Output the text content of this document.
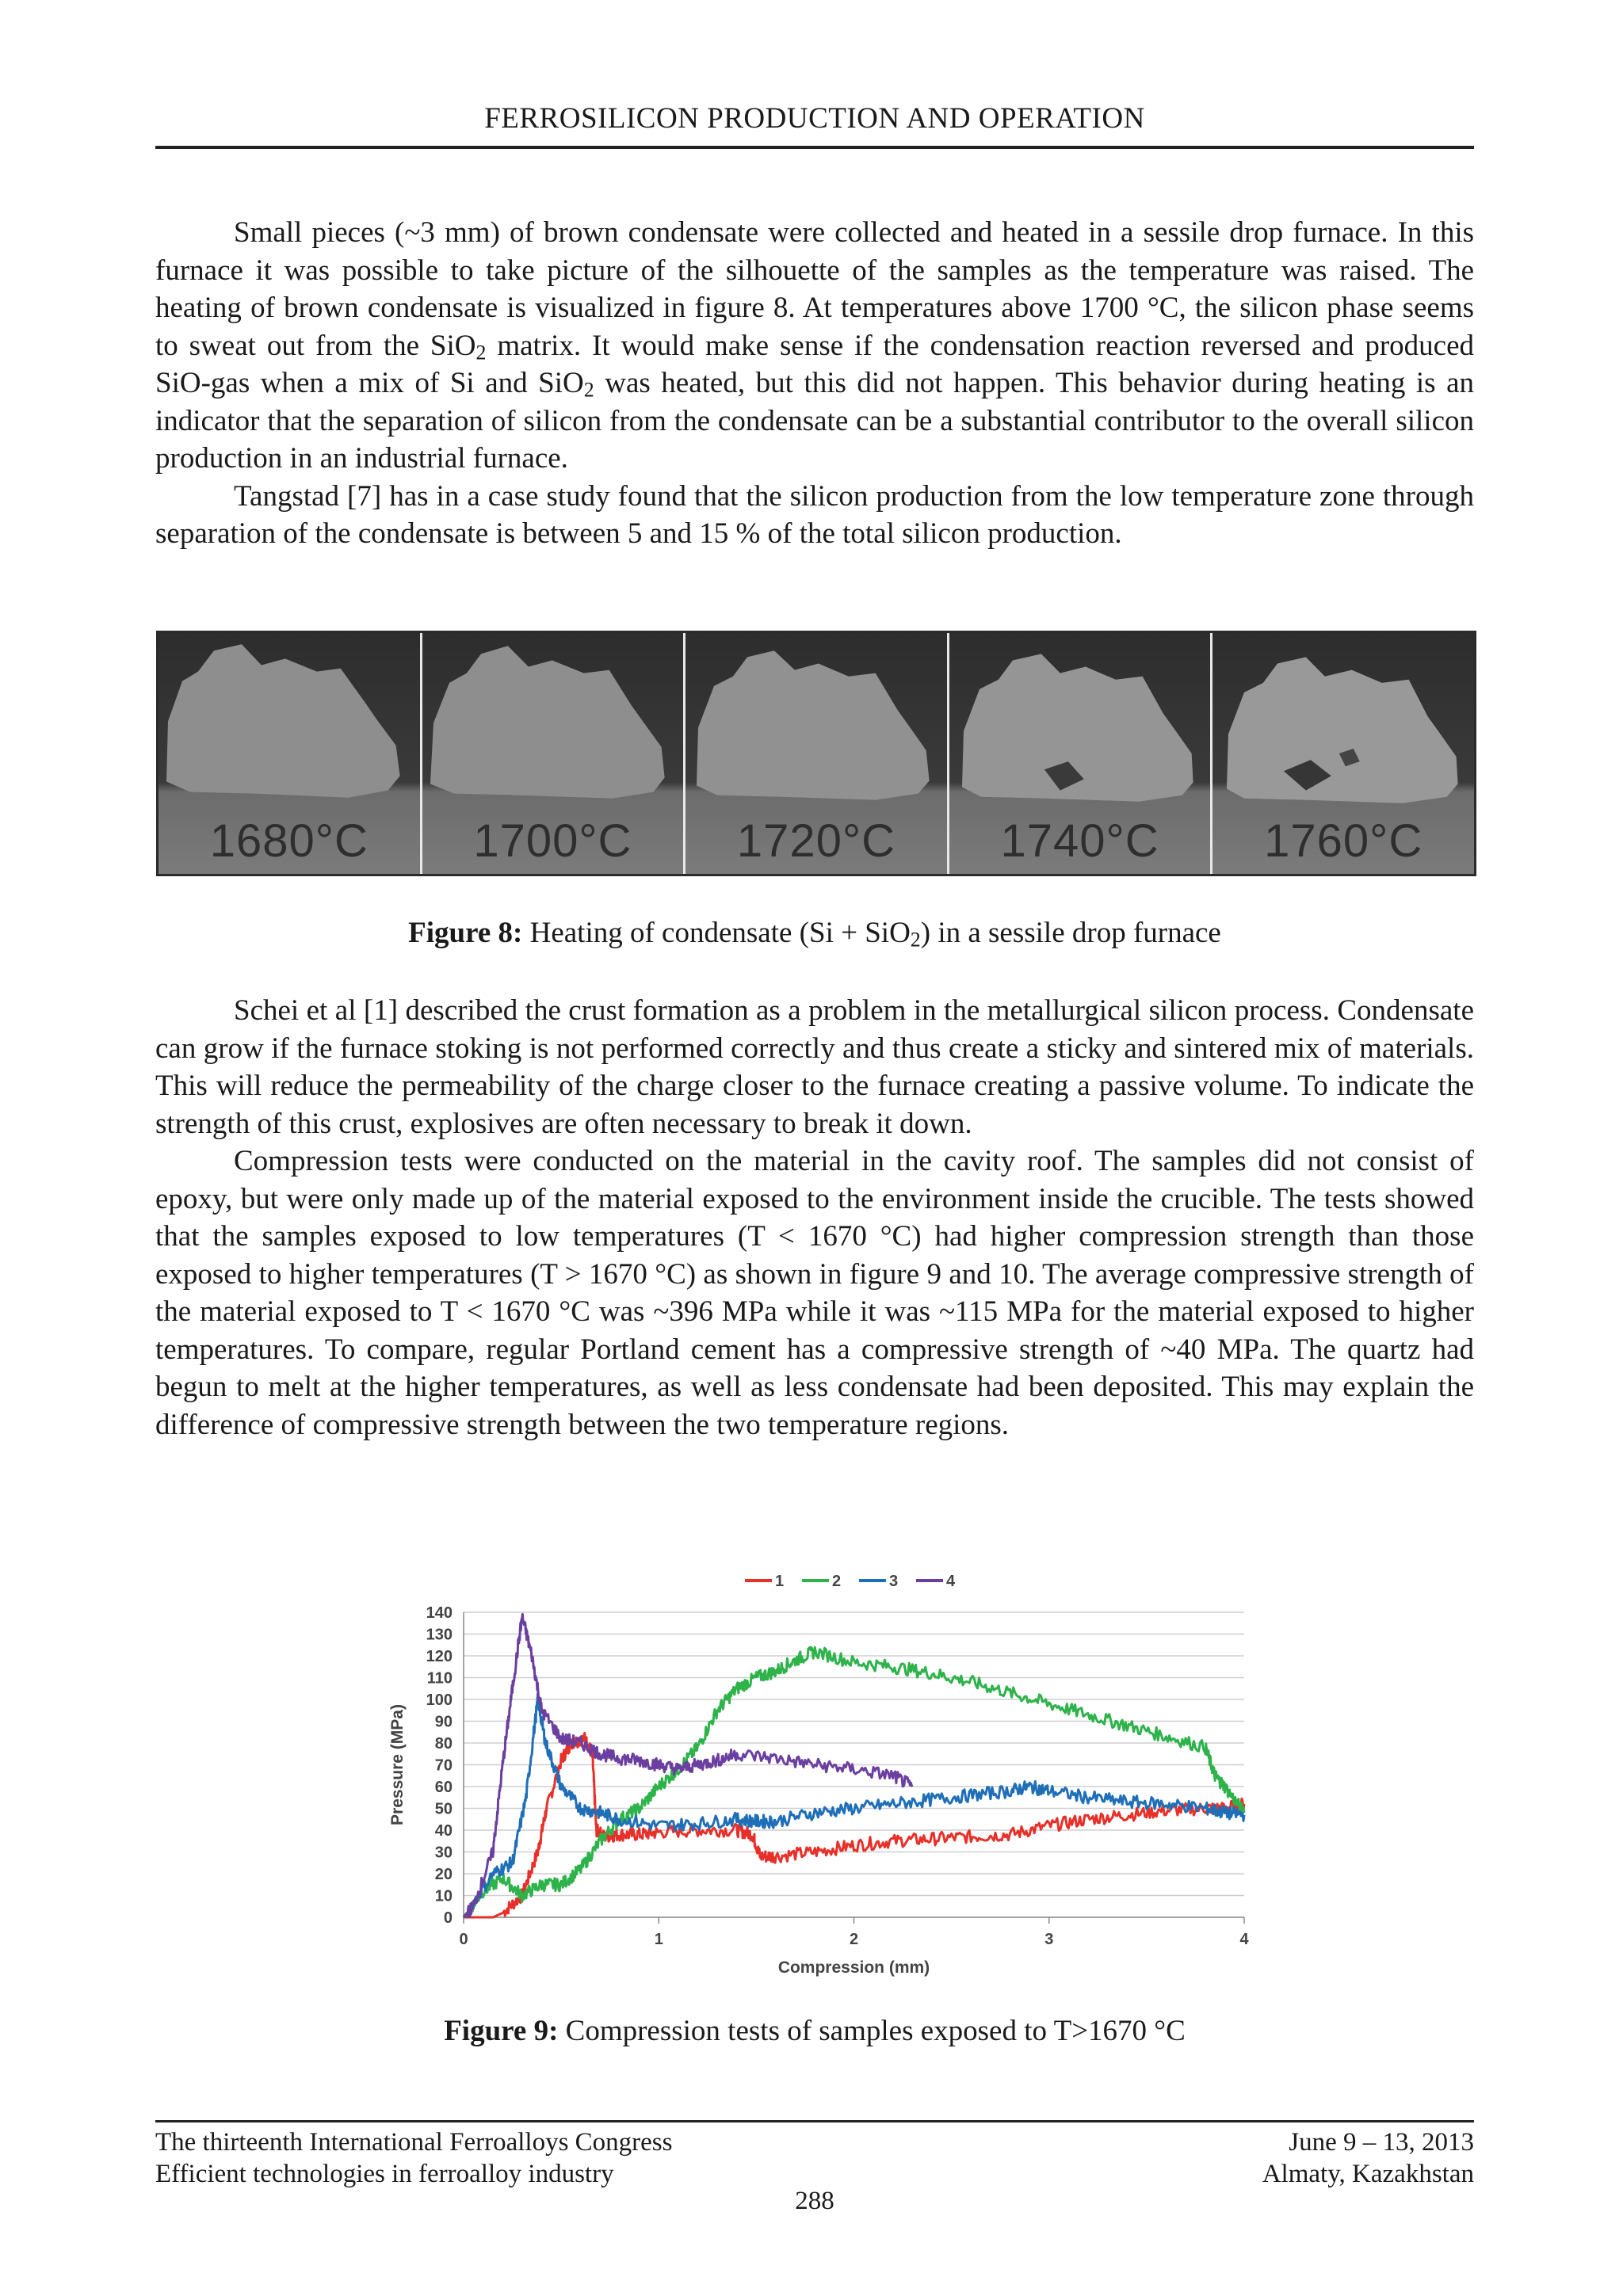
FERROSILICON PRODUCTION AND OPERATION

Small pieces (~3 mm) of brown condensate were collected and heated in a sessile drop furnace. In this furnace it was possible to take picture of the silhouette of the samples as the temperature was raised. The heating of brown condensate is visualized in figure 8. At temperatures above 1700 °C, the silicon phase seems to sweat out from the SiO$_2$ matrix. It would make sense if the condensation reaction reversed and produced SiO-gas when a mix of Si and SiO$_2$ was heated, but this did not happen. This behavior during heating is an indicator that the separation of silicon from the condensate can be a substantial contributor to the overall silicon production in an industrial furnace.

Tangstad [7] has in a case study found that the silicon production from the low temperature zone through separation of the condensate is between 5 and 15 % of the total silicon production.

1680°C	1700°C	1720°C	1740°C	1760°C

Figure 8: Heating of condensate (Si + SiO$_2$) in a sessile drop furnace

Schei et al [1] described the crust formation as a problem in the metallurgical silicon process. Condensate can grow if the furnace stoking is not performed correctly and thus create a sticky and sintered mix of materials. This will reduce the permeability of the charge closer to the furnace creating a passive volume. To indicate the strength of this crust, explosives are often necessary to break it down.

Compression tests were conducted on the material in the cavity roof. The samples did not consist of epoxy, but were only made up of the material exposed to the environment inside the crucible. The tests showed that the samples exposed to low temperatures (T < 1670 °C) had higher compression strength than those exposed to higher temperatures (T > 1670 °C) as shown in figure 9 and 10. The average compressive strength of the material exposed to T < 1670 °C was ~396 MPa while it was ~115 MPa for the material exposed to higher temperatures. To compare, regular Portland cement has a compressive strength of ~40 MPa. The quartz had begun to melt at the higher temperatures, as well as less condensate had been deposited. This may explain the difference of compressive strength between the two temperature regions.

0
10
20
30
40
50
60
70
80
90
100
110
120
130
140
0	1	2	3	4
Compression (mm)
Pressure (MPa)
1	2	3	4

Figure 9: Compression tests of samples exposed to T>1670 °C

The thirteenth International Ferroalloys Congress
Efficient technologies in ferroalloy industry
June 9 – 13, 2013
Almaty, Kazakhstan
288
